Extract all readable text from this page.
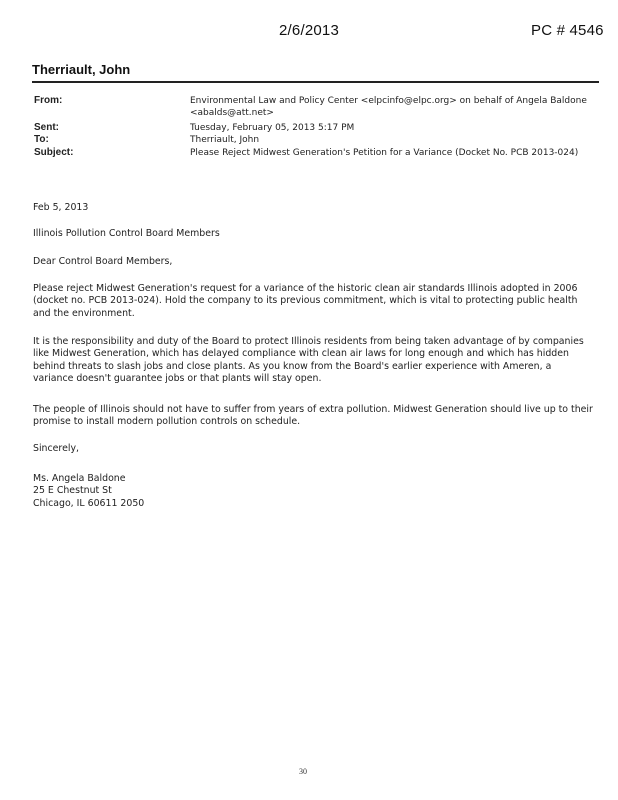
2/6/2013	PC # 4546
Therriault, John
From:	Environmental Law and Policy Center <elpcinfo@elpc.org> on behalf of Angela Baldone <abalds@att.net>
Sent:	Tuesday, February 05, 2013 5:17 PM
To:	Therriault, John
Subject:	Please Reject Midwest Generation's Petition for a Variance (Docket No. PCB 2013-024)
Feb 5, 2013
Illinois Pollution Control Board Members
Dear Control Board Members,
Please reject Midwest Generation's request for a variance of the historic clean air standards Illinois adopted in 2006 (docket no. PCB 2013-024). Hold the company to its previous commitment, which is vital to protecting public health and the environment.
It is the responsibility and duty of the Board to protect Illinois residents from being taken advantage of by companies like Midwest Generation, which has delayed compliance with clean air laws for long enough and which has hidden behind threats to slash jobs and close plants. As you know from the Board's earlier experience with Ameren, a variance doesn't guarantee jobs or that plants will stay open.
The people of Illinois should not have to suffer from years of extra pollution. Midwest Generation should live up to their promise to install modern pollution controls on schedule.
Sincerely,
Ms. Angela Baldone
25 E Chestnut St
Chicago, IL 60611 2050
30
